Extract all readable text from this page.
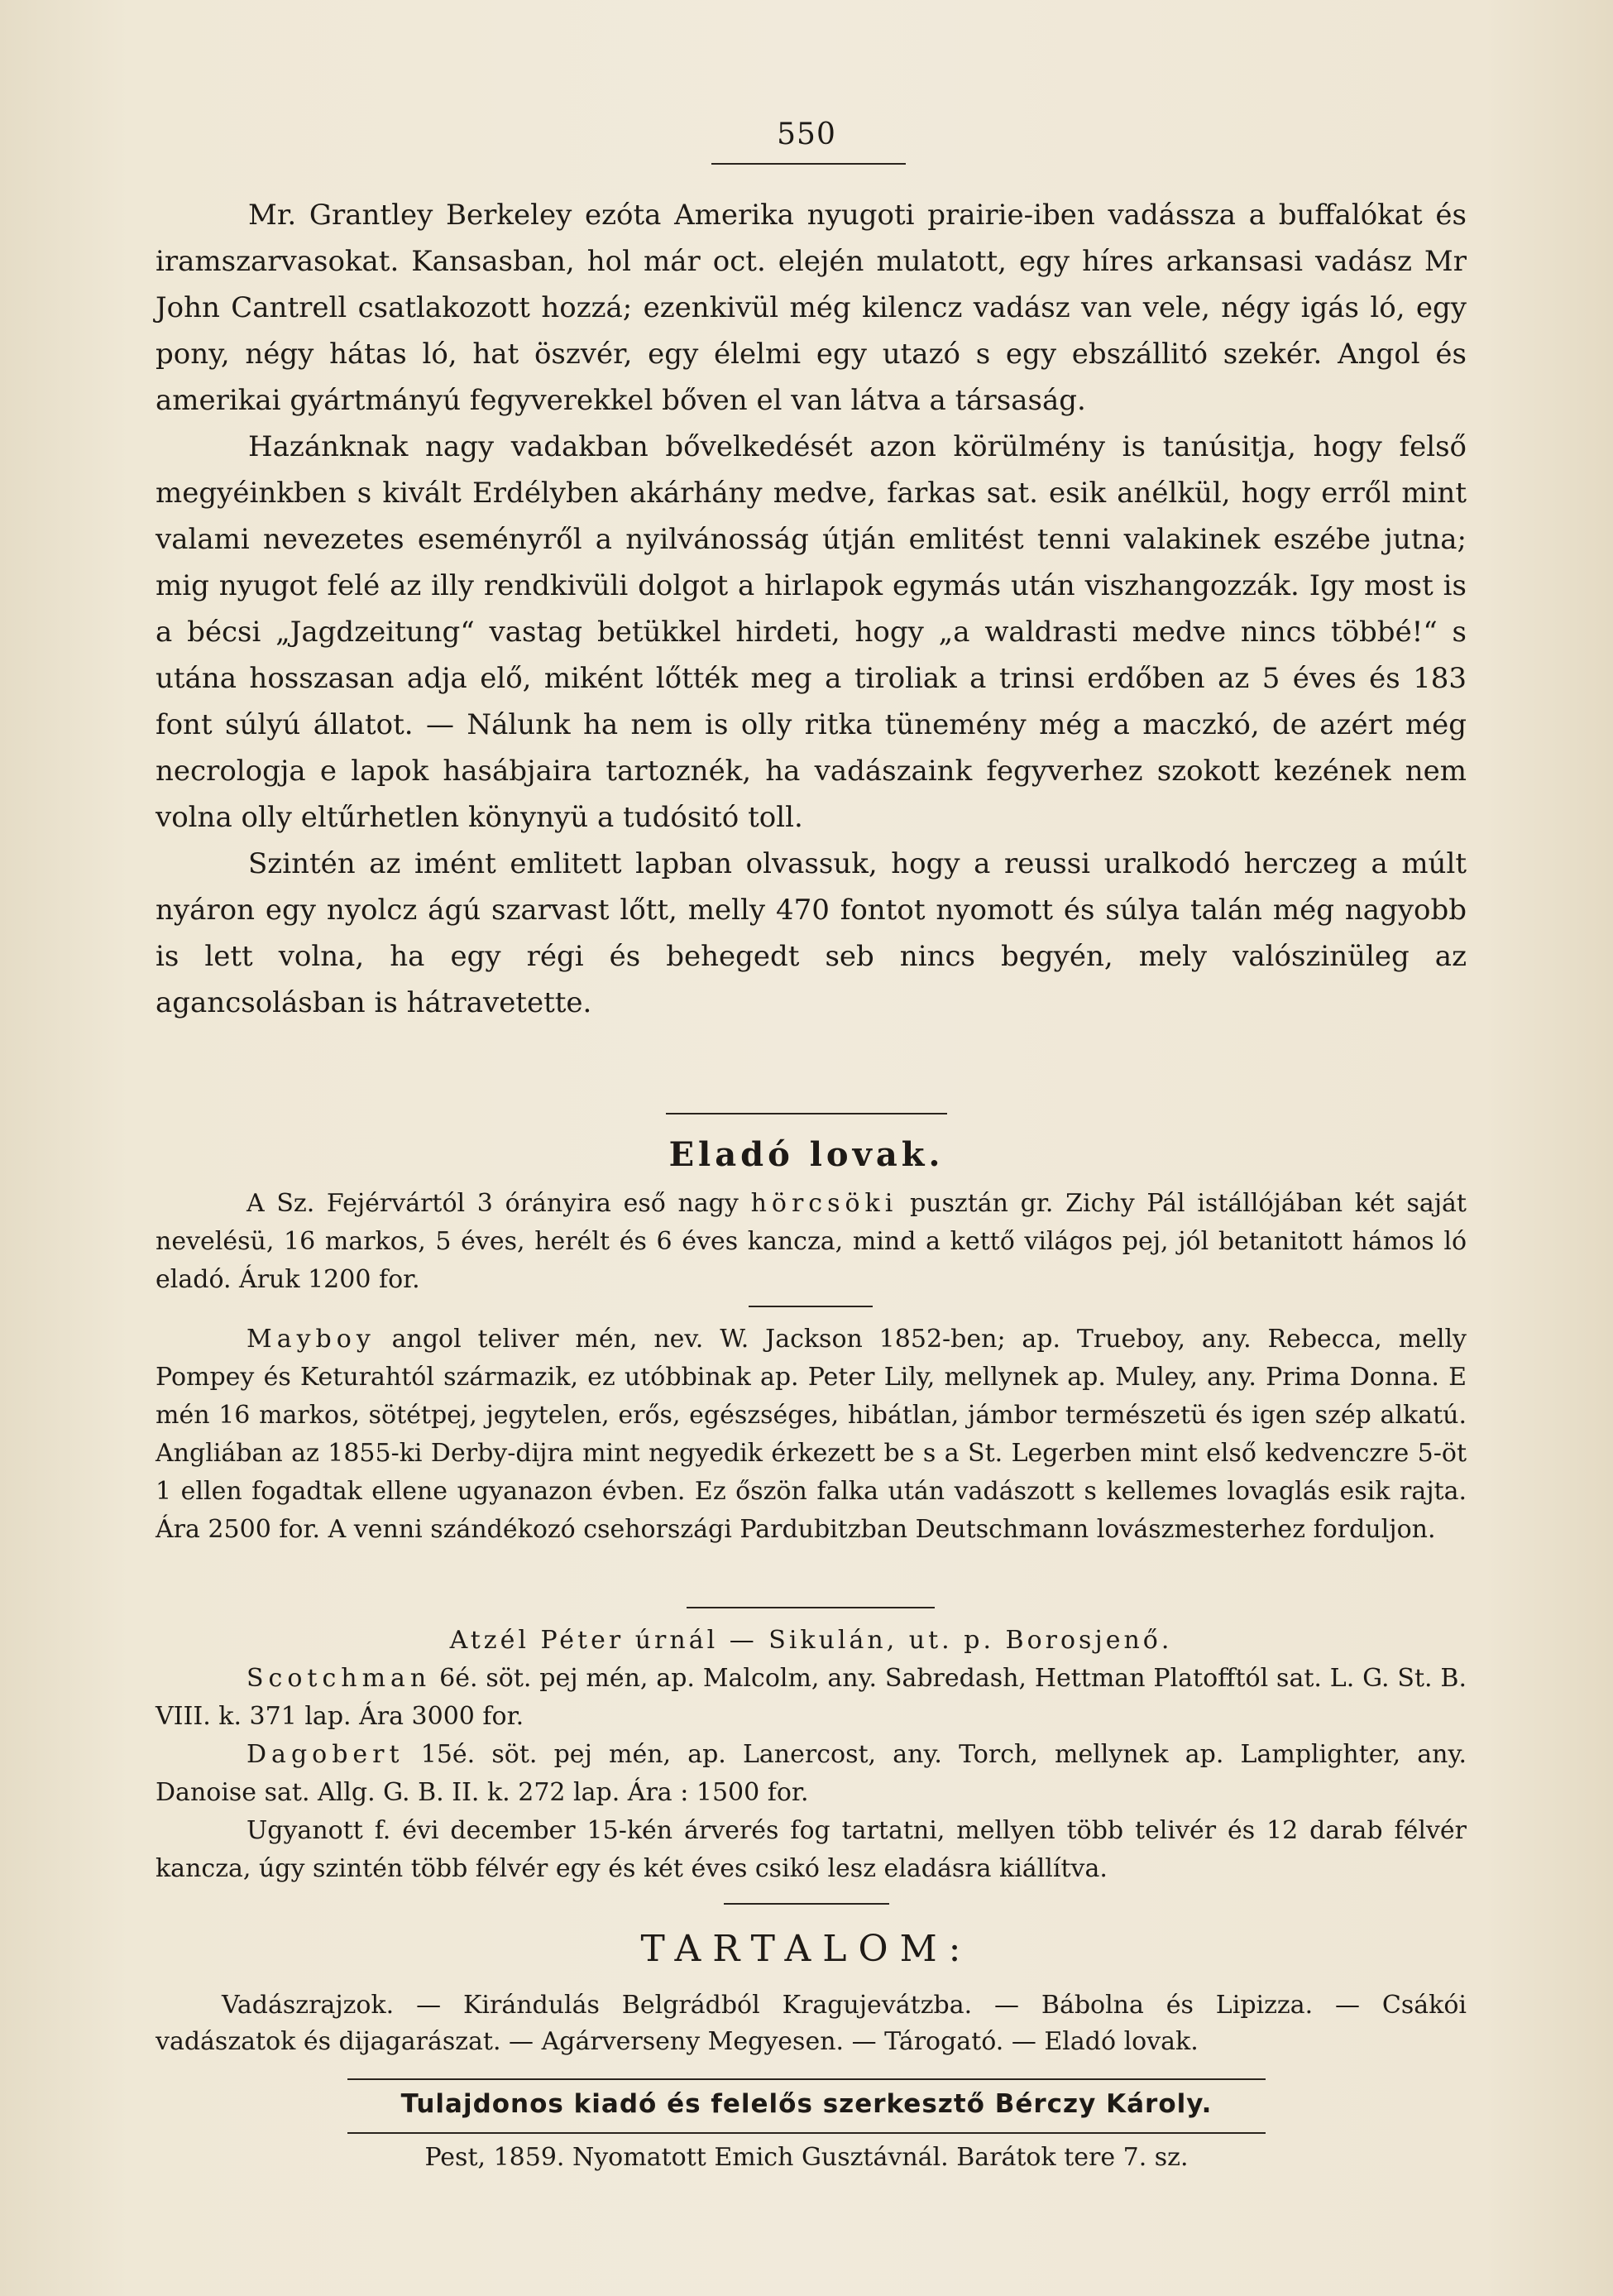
550

Mr. Grantley Berkeley ezóta Amerika nyugoti prairie-iben vadássza a buffalókat és iramszarvasokat. Kansasban, hol már oct. elején mulatott, egy híres arkansasi vadász Mr John Cantrell csatlakozott hozzá; ezenkivül még kilencz vadász van vele, négy igás ló, egy pony, négy hátas ló, hat öszvér, egy élelmi egy utazó s egy ebszállitó szekér. Angol és amerikai gyártmányú fegyverekkel bőven el van látva a társaság.

Hazánknak nagy vadakban bővelkedését azon körülmény is tanúsitja, hogy felső megyéinkben s kivált Erdélyben akárhány medve, farkas sat. esik anélkül, hogy erről mint valami nevezetes eseményről a nyilvánosság útján emlitést tenni valakinek eszébe jutna; mig nyugot felé az illy rendkivüli dolgot a hirlapok egymás után viszhangozzák. Igy most is a bécsi „Jagdzeitung“ vastag betükkel hirdeti, hogy „a waldrasti medve nincs többé!“ s utána hosszasan adja elő, miként lőtték meg a tiroliak a trinsi erdőben az 5 éves és 183 font súlyú állatot. — Nálunk ha nem is olly ritka tünemény még a maczkó, de azért még necrologja e lapok hasábjaira tartoznék, ha vadászaink fegyverhez szokott kezének nem volna olly eltűrhetlen könynyü a tudósitó toll.

Szintén az imént emlitett lapban olvassuk, hogy a reussi uralkodó herczeg a múlt nyáron egy nyolcz ágú szarvast lőtt, melly 470 fontot nyomott és súlya talán még nagyobb is lett volna, ha egy régi és behegedt seb nincs begyén, mely valószinüleg az agancsolásban is hátravetette.

Eladó lovak.

A Sz. Fejérvártól 3 órányira eső nagy hörcsöki pusztán gr. Zichy Pál istállójában két saját nevelésü, 16 markos, 5 éves, herélt és 6 éves kancza, mind a kettő világos pej, jól betanitott hámos ló eladó. Áruk 1200 for.

Mayboy angol teliver mén, nev. W. Jackson 1852-ben; ap. Trueboy, any. Rebecca, melly Pompey és Keturahtól származik, ez utóbbinak ap. Peter Lily, mellynek ap. Muley, any. Prima Donna. E mén 16 markos, sötétpej, jegytelen, erős, egészséges, hibátlan, jámbor természetü és igen szép alkatú. Angliában az 1855-ki Derby-dijra mint negyedik érkezett be s a St. Legerben mint első kedvenczre 5-öt 1 ellen fogadtak ellene ugyanazon évben. Ez őszön falka után vadászott s kellemes lovaglás esik rajta. Ára 2500 for. A venni szándékozó csehországi Pardubitzban Deutschmann lovászmesterhez forduljon.

Atzél Péter úrnál — Sikulán, ut. p. Borosjenő.

Scotchman 6é. söt. pej mén, ap. Malcolm, any. Sabredash, Hettman Platofftól sat. L. G. St. B. VIII. k. 371 lap. Ára 3000 for.

Dagobert 15é. söt. pej mén, ap. Lanercost, any. Torch, mellynek ap. Lamplighter, any. Danoise sat. Allg. G. B. II. k. 272 lap. Ára : 1500 for.

Ugyanott f. évi december 15-kén árverés fog tartatni, mellyen több telivér és 12 darab félvér kancza, úgy szintén több félvér egy és két éves csikó lesz eladásra kiállítva.

TARTALOM:

Vadászrajzok. — Kirándulás Belgrádból Kragujevátzba. — Bábolna és Lipizza. — Csákói vadászatok és dijagarászat. — Agárverseny Megyesen. — Tárogató. — Eladó lovak.

Tulajdonos kiadó és felelős szerkesztő Bérczy Károly.
Pest, 1859. Nyomatott Emich Gusztávnál. Barátok tere 7. sz.
